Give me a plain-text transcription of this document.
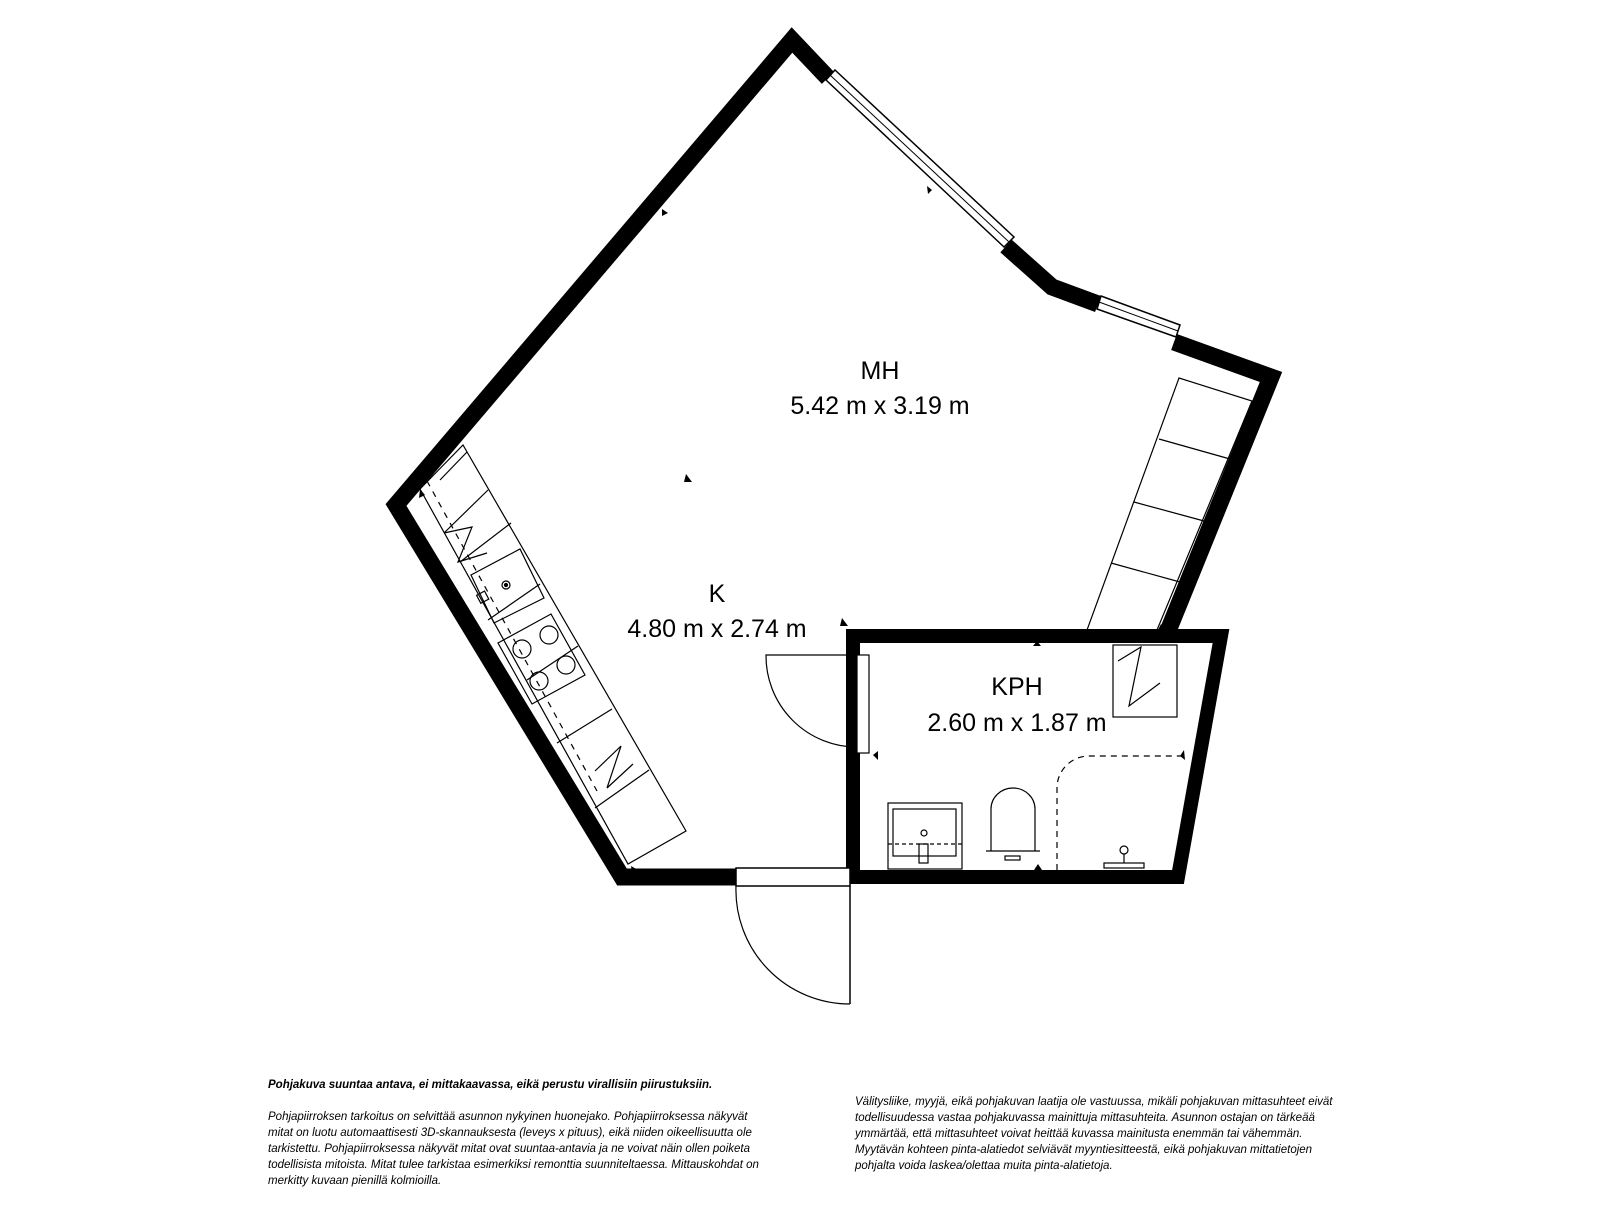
MH
5.42 m x 3.19 m
K
4.80 m x 2.74 m
KPH
2.60 m x 1.87 m

Pohjakuva suuntaa antava, ei mittakaavassa, eikä perustu virallisiin piirustuksiin.

Pohjapiirroksen tarkoitus on selvittää asunnon nykyinen huonejako. Pohjapiirroksessa näkyvät mitat on luotu automaattisesti 3D-skannauksesta (leveys x pituus), eikä niiden oikeellisuutta ole tarkistettu. Pohjapiirroksessa näkyvät mitat ovat suuntaa-antavia ja ne voivat näin ollen poiketa todellisista mitoista. Mitat tulee tarkistaa esimerkiksi remonttia suunniteltaessa. Mittauskohdat on merkitty kuvaan pienillä kolmioilla.

Välitysliike, myyjä, eikä pohjakuvan laatija ole vastuussa, mikäli pohjakuvan mittasuhteet eivät todellisuudessa vastaa pohjakuvassa mainittuja mittasuhteita. Asunnon ostajan on tärkeää ymmärtää, että mittasuhteet voivat heittää kuvassa mainitusta enemmän tai vähemmän. Myytävän kohteen pinta-alatiedot selviävät myyntiesitteestä, eikä pohjakuvan mittatietojen pohjalta voida laskea/olettaa muita pinta-alatietoja.
